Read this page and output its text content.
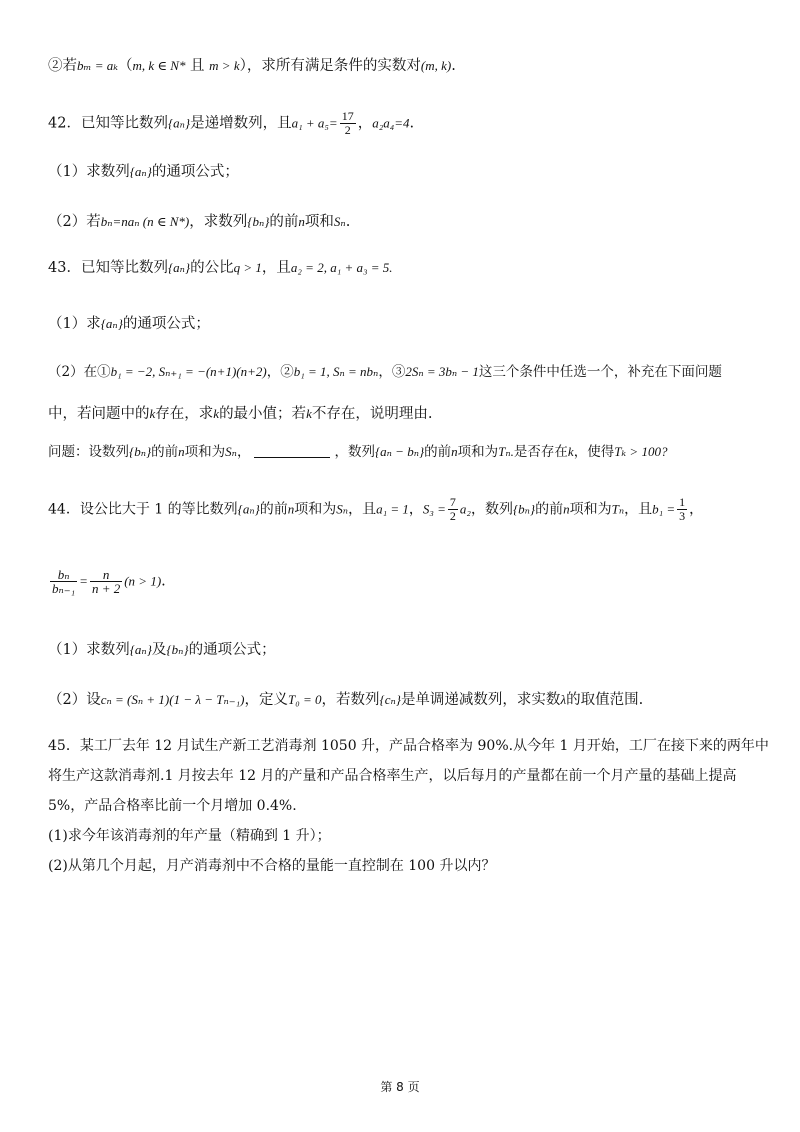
②若bₘ = aₖ（m, k ∈ N* 且 m > k），求所有满足条件的实数对(m, k).
42．已知等比数列{aₙ}是递增数列，且$a_1 + a_5= \frac{17}{2}$ ，a₂a₄=4.
（1）求数列{aₙ}的通项公式；
（2）若bₙ=naₙ (n ∈ N*)，求数列{bₙ}的前n项和Sₙ.
43．已知等比数列{aₙ}的公比q > 1，且a₂ = 2, a₁ + a₃ = 5.
（1）求{aₙ}的通项公式；
（2）在①b₁ = −2, Sₙ₊₁ = −(n+1)(n+2)，②b₁ = 1, Sₙ = nbₙ，③2Sₙ = 3bₙ − 1这三个条件中任选一个，补充在下面问题
中，若问题中的k存在，求k的最小值；若k不存在，说明理由.
问题：设数列{bₙ}的前n项和为Sₙ，	，数列{aₙ − bₙ}的前n项和为Tₙ.是否存在k，使得Tₖ > 100?
44．设公比大于 1 的等比数列{aₙ}的前n项和为Sₙ，且a₁ = 1，$S_3 = \frac{7}{2} a_2$，数列{bₙ}的前n项和为Tₙ，且$b_1 = \frac{1}{3}$ ，
$\frac{\text{bₙ}}{\text{bₙ₋₁}} = \frac{n}{n + 2} (n > 1)$.
（1）求数列{aₙ}及{bₙ}的通项公式；
（2）设cₙ = (Sₙ + 1)(1 − λ − Tₙ₋₁)，定义T₀ = 0，若数列{cₙ}是单调递减数列，求实数λ的取值范围.
45．某工厂去年 12 月试生产新工艺消毒剂 1050 升，产品合格率为 90%.从今年 1 月开始，工厂在接下来的两年中
将生产这款消毒剂.1 月按去年 12 月的产量和产品合格率生产，以后每月的产量都在前一个月产量的基础上提高
5%，产品合格率比前一个月增加 0.4%.
(1)求今年该消毒剂的年产量（精确到 1 升）；
(2)从第几个月起，月产消毒剂中不合格的量能一直控制在 100 升以内？
第 8 页
